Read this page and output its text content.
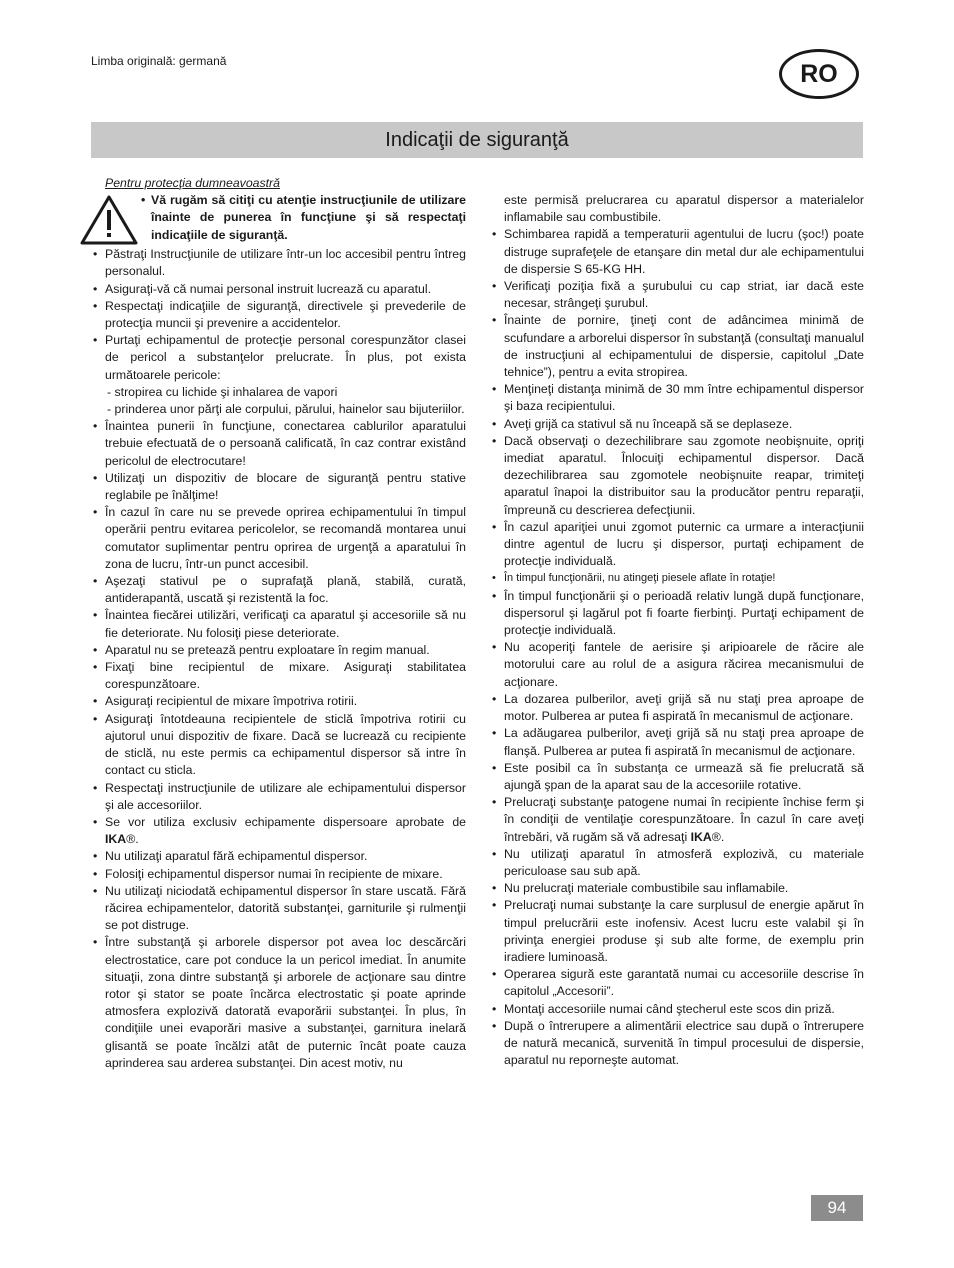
Limba originală: germană	RO
Indicaţii de siguranţă

Pentru protecţia dumneavoastră

• Vă rugăm să citiţi cu atenţie instrucţiunile de utilizare înainte de punerea în funcţiune şi să respectaţi indicaţiile de siguranţă.
• Păstraţi Instrucţiunile de utilizare într-un loc accesibil pentru întreg personalul.
• Asiguraţi-vă că numai personal instruit lucrează cu aparatul.
• Respectaţi indicaţiile de siguranţă, directivele şi prevederile de protecţia muncii şi prevenire a accidentelor.
• Purtaţi echipamentul de protecţie personal corespunzător clasei de pericol a substanţelor prelucrate. În plus, pot exista următoarele pericole:
- stropirea cu lichide şi inhalarea de vapori
- prinderea unor părţi ale corpului, părului, hainelor sau bijuteriilor.
• Înaintea punerii în funcţiune, conectarea cablurilor aparatului trebuie efectuată de o persoană calificată, în caz contrar existând pericolul de electrocutare!
• Utilizaţi un dispozitiv de blocare de siguranţă pentru stative reglabile pe înălţime!
• În cazul în care nu se prevede oprirea echipamentului în timpul operării pentru evitarea pericolelor, se recomandă montarea unui comutator suplimentar pentru oprirea de urgenţă a aparatului în zona de lucru, într-un punct accesibil.
• Aşezaţi stativul pe o suprafaţă plană, stabilă, curată, antiderapantă, uscată şi rezistentă la foc.
• Înaintea fiecărei utilizări, verificaţi ca aparatul şi accesoriile să nu fie deteriorate. Nu folosiţi piese deteriorate.
• Aparatul nu se pretează pentru exploatare în regim manual.
• Fixaţi bine recipientul de mixare. Asiguraţi stabilitatea corespunzătoare.
• Asiguraţi recipientul de mixare împotriva rotirii.
• Asiguraţi întotdeauna recipientele de sticlă împotriva rotirii cu ajutorul unui dispozitiv de fixare. Dacă se lucrează cu recipiente de sticlă, nu este permis ca echipamentul dispersor să intre în contact cu sticla.
• Respectaţi instrucţiunile de utilizare ale echipamentului dispersor şi ale accesoriilor.
• Se vor utiliza exclusiv echipamente dispersoare aprobate de IKA®.
• Nu utilizaţi aparatul fără echipamentul dispersor.
• Folosiţi echipamentul dispersor numai în recipiente de mixare.
• Nu utilizaţi niciodată echipamentul dispersor în stare uscată. Fără răcirea echipamentelor, datorită substanţei, garniturile şi rulmenţii se pot distruge.
• Între substanţă şi arborele dispersor pot avea loc descărcări electrostatice, care pot conduce la un pericol imediat. În anumite situaţii, zona dintre substanţă şi arborele de acţionare sau dintre rotor şi stator se poate încărca electrostatic şi poate aprinde atmosfera explozivă datorată evaporării substanţei. În plus, în condiţiile unei evaporări masive a substanţei, garnitura inelară glisantă se poate încălzi atât de puternic încât poate cauza aprinderea sau arderea substanţei. Din acest motiv, nu

este permisă prelucrarea cu aparatul dispersor a materialelor inflamabile sau combustibile.

• Schimbarea rapidă a temperaturii agentului de lucru (şoc!) poate distruge suprafeţele de etanşare din metal dur ale echipamentului de dispersie S 65-KG HH.
• Verificaţi poziţia fixă a şurubului cu cap striat, iar dacă este necesar, strângeţi şurubul.
• Înainte de pornire, ţineţi cont de adâncimea minimă de scufundare a arborelui dispersor în substanţă (consultaţi manualul de instrucţiuni al echipamentului de dispersie, capitolul „Date tehnice”), pentru a evita stropirea.
• Menţineţi distanţa minimă de 30 mm între echipamentul dispersor şi baza recipientului.
• Aveţi grijă ca stativul să nu înceapă să se deplaseze.
• Dacă observaţi o dezechilibrare sau zgomote neobişnuite, opriţi imediat aparatul. Înlocuiţi echipamentul dispersor. Dacă dezechilibrarea sau zgomotele neobişnuite reapar, trimiteţi aparatul înapoi la distribuitor sau la producător pentru reparaţii, împreună cu descrierea defecţiunii.
• În cazul apariţiei unui zgomot puternic ca urmare a interacţiunii dintre agentul de lucru şi dispersor, purtaţi echipament de protecţie individuală.
• În timpul funcţionării, nu atingeţi piesele aflate în rotaţie!
• În timpul funcţionării şi o perioadă relativ lungă după funcţionare, dispersorul şi lagărul pot fi foarte fierbinţi. Purtaţi echipament de protecţie individuală.
• Nu acoperiţi fantele de aerisire şi aripioarele de răcire ale motorului care au rolul de a asigura răcirea mecanismului de acţionare.
• La dozarea pulberilor, aveţi grijă să nu staţi prea aproape de motor. Pulberea ar putea fi aspirată în mecanismul de acţionare.
• La adăugarea pulberilor, aveţi grijă să nu staţi prea aproape de flanşă. Pulberea ar putea fi aspirată în mecanismul de acţionare.
• Este posibil ca în substanţa ce urmează să fie prelucrată să ajungă şpan de la aparat sau de la accesoriile rotative.
• Prelucraţi substanţe patogene numai în recipiente închise ferm şi în condiţii de ventilaţie corespunzătoare. În cazul în care aveţi întrebări, vă rugăm să vă adresaţi IKA®.
• Nu utilizaţi aparatul în atmosferă explozivă, cu materiale periculoase sau sub apă.
• Nu prelucraţi materiale combustibile sau inflamabile.
• Prelucraţi numai substanţe la care surplusul de energie apărut în timpul prelucrării este inofensiv. Acest lucru este valabil şi în privinţa energiei produse şi sub alte forme, de exemplu prin iradiere luminoasă.
• Operarea sigură este garantată numai cu accesoriile descrise în capitolul „Accesorii”.
• Montaţi accesoriile numai când ştecherul este scos din priză.
• După o întrerupere a alimentării electrice sau după o întrerupere de natură mecanică, survenită în timpul procesului de dispersie, aparatul nu reporneşte automat.
94
